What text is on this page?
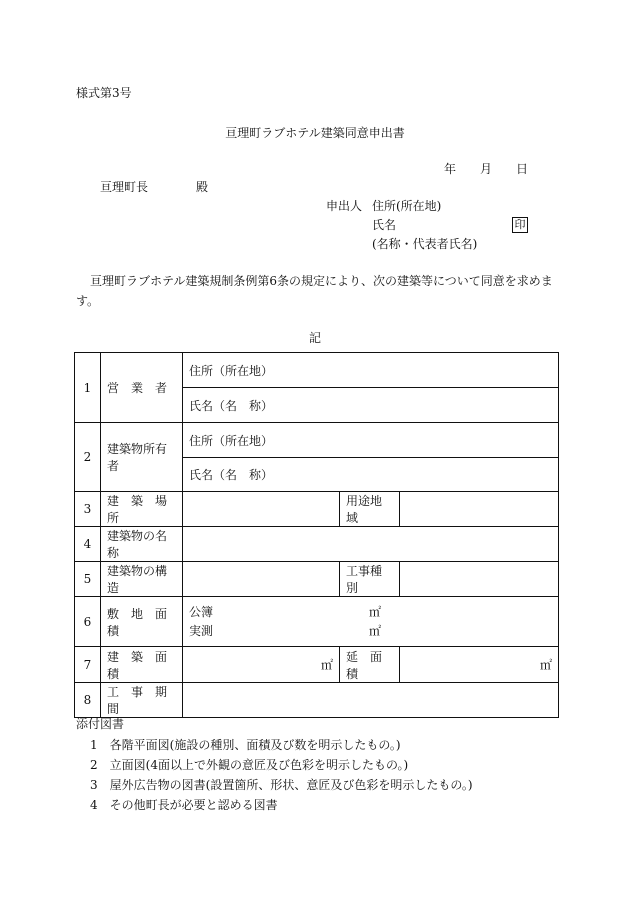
様式第3号
亘理町ラブホテル建築同意申出書
年 月 日
亘理町長	殿
申出人 住所(所在地)
氏名	印
(名称・代表者氏名)
亘理町ラブホテル建築規制条例第6条の規定により、次の建築等について同意を求めま
す。
記
1	営　業　者	住所（所在地）		
		氏名（名　称）		
2	建築物所有者	住所（所在地）		
		氏名（名　称）		
3	建　築　場　所		用途地域	
4	建築物の名称			
5	建築物の構造		工事種別	
6	敷　地　面　積	公簿 ㎡
実測 ㎡		

7	建　築　面　積	㎡	延　面　積	㎡
8	工　事　期　間			
添付図書
1　各階平面図(施設の種別、面積及び数を明示したもの。)
2　立面図(4面以上で外観の意匠及び色彩を明示したもの。)
3　屋外広告物の図書(設置箇所、形状、意匠及び色彩を明示したもの。)
4　その他町長が必要と認める図書
